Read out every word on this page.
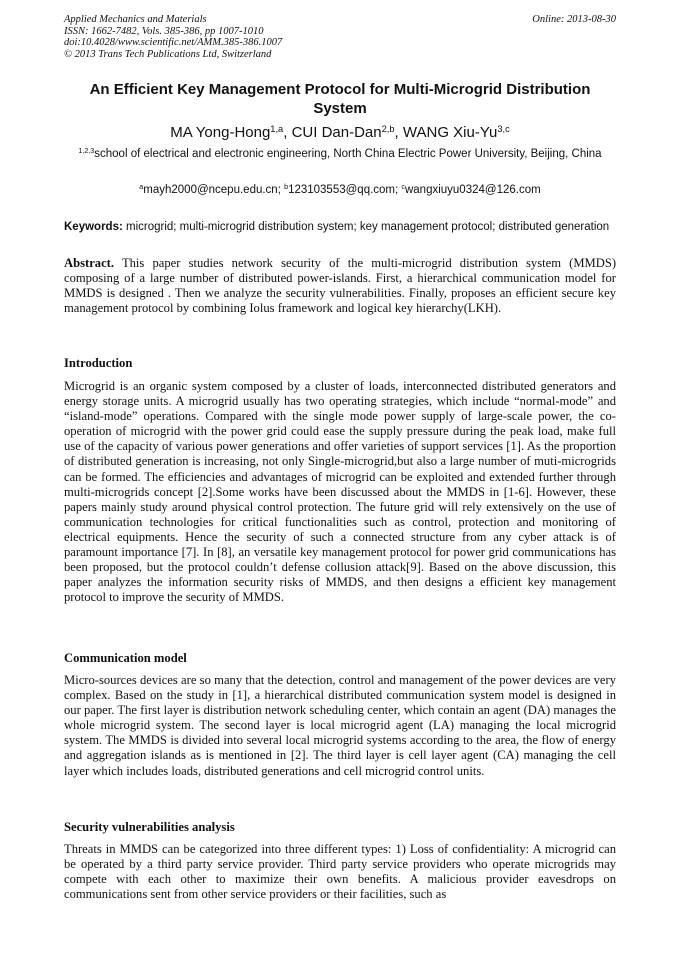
Applied Mechanics and Materials
ISSN: 1662-7482, Vols. 385-386, pp 1007-1010
doi:10.4028/www.scientific.net/AMM.385-386.1007
© 2013 Trans Tech Publications Ltd, Switzerland
Online: 2013-08-30
An Efficient Key Management Protocol for Multi-Microgrid Distribution System
MA Yong-Hong$^{1,a}$, CUI Dan-Dan$^{2,b}$, WANG Xiu-Yu$^{3,c}$
$^{1,2,3}$school of electrical and electronic engineering, North China Electric Power University, Beijing, China
$^a$mayh2000@ncepu.edu.cn; $^b$123103553@qq.com; $^c$wangxiuyu0324@126.com
Keywords: microgrid; multi-microgrid distribution system; key management protocol; distributed generation
Abstract. This paper studies network security of the multi-microgrid distribution system (MMDS) composing of a large number of distributed power-islands. First, a hierarchical communication model for MMDS is designed . Then we analyze the security vulnerabilities. Finally, proposes an efficient secure key management protocol by combining Iolus framework and logical key hierarchy(LKH).
Introduction

Microgrid is an organic system composed by a cluster of loads, interconnected distributed generators and energy storage units. A microgrid usually has two operating strategies, which include “normal-mode” and “island-mode” operations. Compared with the single mode power supply of large-scale power, the co-operation of microgrid with the power grid could ease the supply pressure during the peak load, make full use of the capacity of various power generations and offer varieties of support services [1]. As the proportion of distributed generation is increasing, not only Single-microgrid,but also a large number of muti-microgrids can be formed. The efficiencies and advantages of microgrid can be exploited and extended further through multi-microgrids concept [2].Some works have been discussed about the MMDS in [1-6]. However, these papers mainly study around physical control protection. The future grid will rely extensively on the use of communication technologies for critical functionalities such as control, protection and monitoring of electrical equipments. Hence the security of such a connected structure from any cyber attack is of paramount importance [7]. In [8], an versatile key management protocol for power grid communications has been proposed, but the protocol couldn’t defense collusion attack[9]. Based on the above discussion, this paper analyzes the information security risks of MMDS, and then designs a efficient key management protocol to improve the security of MMDS.

Communication model

Micro-sources devices are so many that the detection, control and management of the power devices are very complex. Based on the study in [1], a hierarchical distributed communication system model is designed in our paper. The first layer is distribution network scheduling center, which contain an agent (DA) manages the whole microgrid system. The second layer is local microgrid agent (LA) managing the local microgrid system. The MMDS is divided into several local microgrid systems according to the area, the flow of energy and aggregation islands as is mentioned in [2]. The third layer is cell layer agent (CA) managing the cell layer which includes loads, distributed generations and cell microgrid control units.

Security vulnerabilities analysis

Threats in MMDS can be categorized into three different types: 1) Loss of confidentiality: A microgrid can be operated by a third party service provider. Third party service providers who operate microgrids may compete with each other to maximize their own benefits. A malicious provider eavesdrops on communications sent from other service providers or their facilities, such as
